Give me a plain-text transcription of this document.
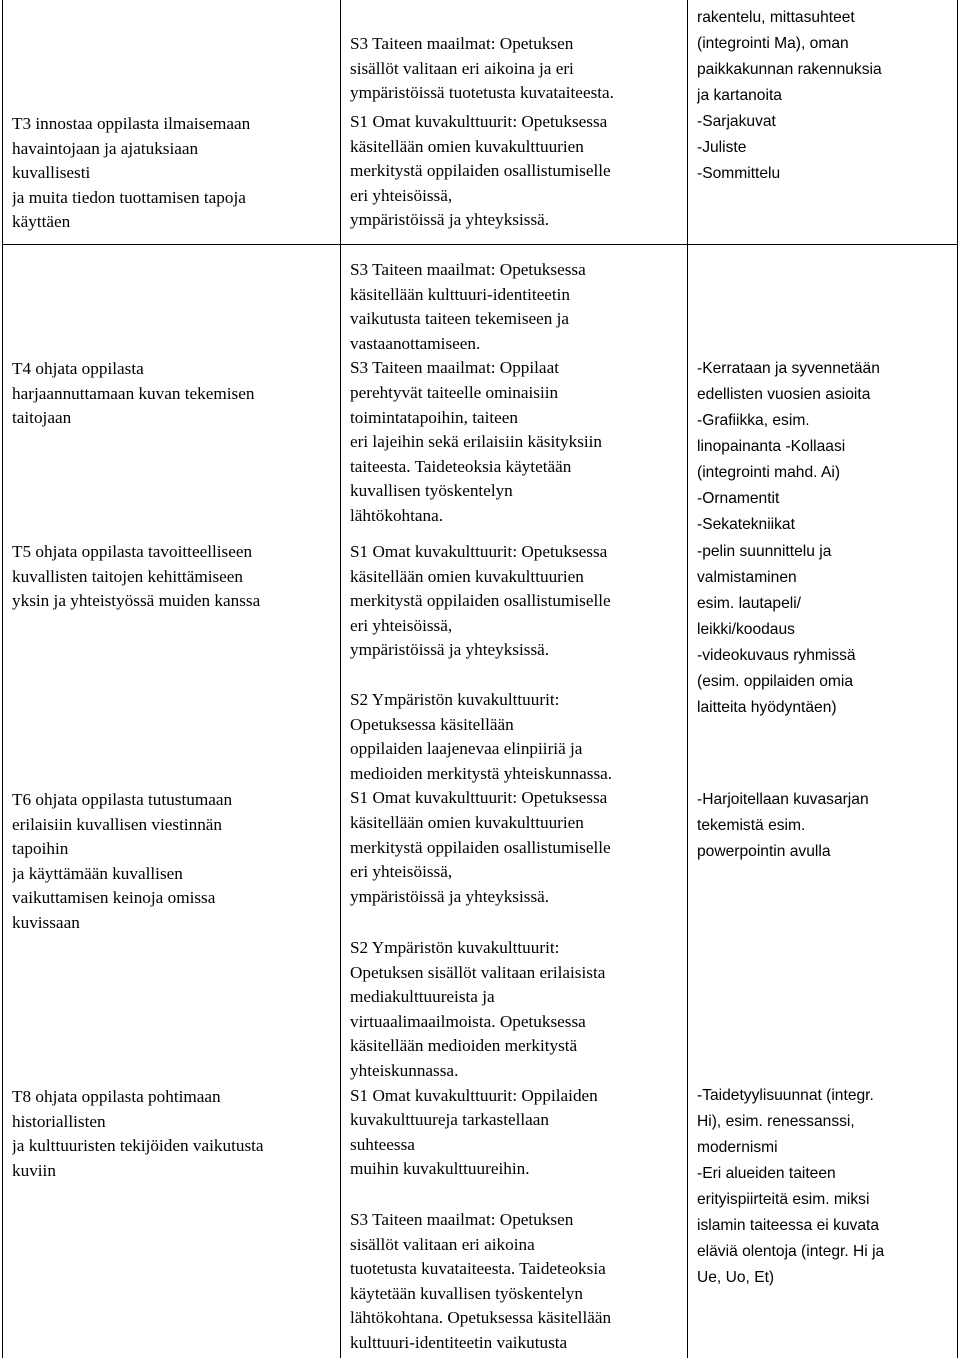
T3 innostaa oppilasta ilmaisemaan
havaintojaan ja ajatuksiaan
kuvallisesti
ja muita tiedon tuottamisen tapoja
käyttäen
S3 Taiteen maailmat: Opetuksen
sisällöt valitaan eri aikoina ja eri
ympäristöissä tuotetusta kuvataiteesta.
S1 Omat kuvakulttuurit: Opetuksessa
käsitellään omien kuvakulttuurien
merkitystä oppilaiden osallistumiselle
eri yhteisöissä,
ympäristöissä ja yhteyksissä.
rakentelu, mittasuhteet
(integrointi Ma), oman
paikkakunnan rakennuksia
ja kartanoita
-Sarjakuvat
-Juliste
-Sommittelu
T4 ohjata oppilasta
harjaannuttamaan kuvan tekemisen
taitojaan
T5 ohjata oppilasta tavoitteelliseen
kuvallisten taitojen kehittämiseen
yksin ja yhteistyössä muiden kanssa
T6 ohjata oppilasta tutustumaan
erilaisiin kuvallisen viestinnän
tapoihin
ja käyttämään kuvallisen
vaikuttamisen keinoja omissa
kuvissaan
T8 ohjata oppilasta pohtimaan
historiallisten
ja kulttuuristen tekijöiden vaikutusta
kuviin
S3 Taiteen maailmat: Opetuksessa
käsitellään kulttuuri-identiteetin
vaikutusta taiteen tekemiseen ja
vastaanottamiseen.
S3 Taiteen maailmat: Oppilaat
perehtyvät taiteelle ominaisiin
toimintatapoihin, taiteen
eri lajeihin sekä erilaisiin käsityksiin
taiteesta. Taideteoksia käytetään
kuvallisen työskentelyn
lähtökohtana.
S1 Omat kuvakulttuurit: Opetuksessa
käsitellään omien kuvakulttuurien
merkitystä oppilaiden osallistumiselle
eri yhteisöissä,
ympäristöissä ja yhteyksissä.
S2 Ympäristön kuvakulttuurit:
Opetuksessa käsitellään
oppilaiden laajenevaa elinpiiriä ja
medioiden merkitystä yhteiskunnassa.
S1 Omat kuvakulttuurit: Opetuksessa
käsitellään omien kuvakulttuurien
merkitystä oppilaiden osallistumiselle
eri yhteisöissä,
ympäristöissä ja yhteyksissä.
S2 Ympäristön kuvakulttuurit:
Opetuksen sisällöt valitaan erilaisista
mediakulttuureista ja
virtuaalimaailmoista. Opetuksessa
käsitellään medioiden merkitystä
yhteiskunnassa.
S1 Omat kuvakulttuurit: Oppilaiden
kuvakulttuureja tarkastellaan
suhteessa
muihin kuvakulttuureihin.
S3 Taiteen maailmat: Opetuksen
sisällöt valitaan eri aikoina
tuotetusta kuvataiteesta. Taideteoksia
käytetään kuvallisen työskentelyn
lähtökohtana. Opetuksessa käsitellään
kulttuuri-identiteetin vaikutusta
-Kerrataan ja syvennetään
edellisten vuosien asioita
-Grafiikka, esim.
linopainanta -Kollaasi
(integrointi mahd. Ai)
-Ornamentit
-Sekatekniikat
-pelin suunnittelu ja
valmistaminen
esim. lautapeli/
leikki/koodaus
-videokuvaus ryhmissä
(esim. oppilaiden omia
laitteita hyödyntäen)
-Harjoitellaan kuvasarjan
tekemistä esim.
powerpointin avulla
-Taidetyylisuunnat (integr.
Hi), esim. renessanssi,
modernismi
-Eri alueiden taiteen
erityispiirteitä esim. miksi
islamin taiteessa ei kuvata
eläviä olentoja (integr. Hi ja
Ue, Uo, Et)
